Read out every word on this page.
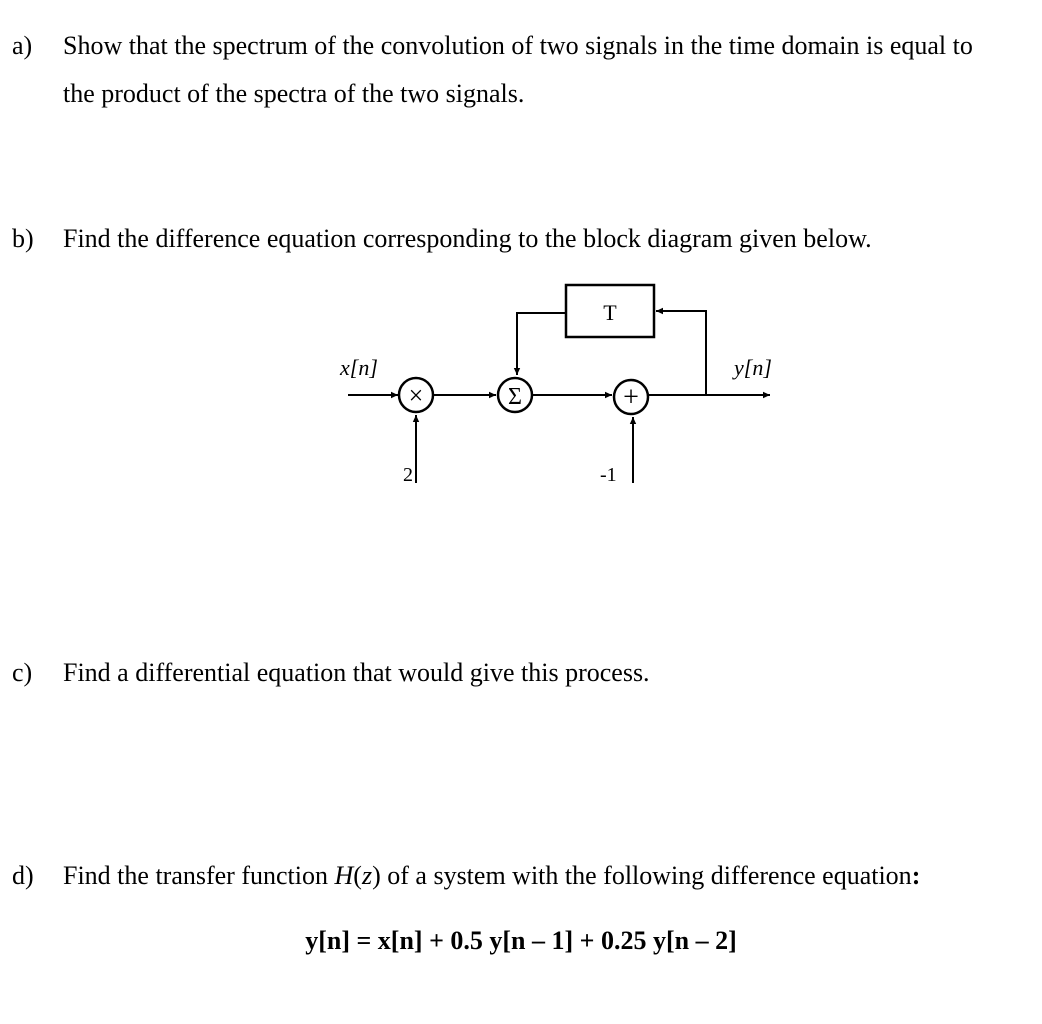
a) Show that the spectrum of the convolution of two signals in the time domain is equal to
the product of the spectra of the two signals.
b) Find the difference equation corresponding to the block diagram given below.
x[n]
×
2
Σ
T
+
-1
y[n]
c) Find a differential equation that would give this process.
d) Find the transfer function H(z) of a system with the following difference equation:
y[n] = x[n] + 0.5 y[n – 1] + 0.25 y[n – 2]
